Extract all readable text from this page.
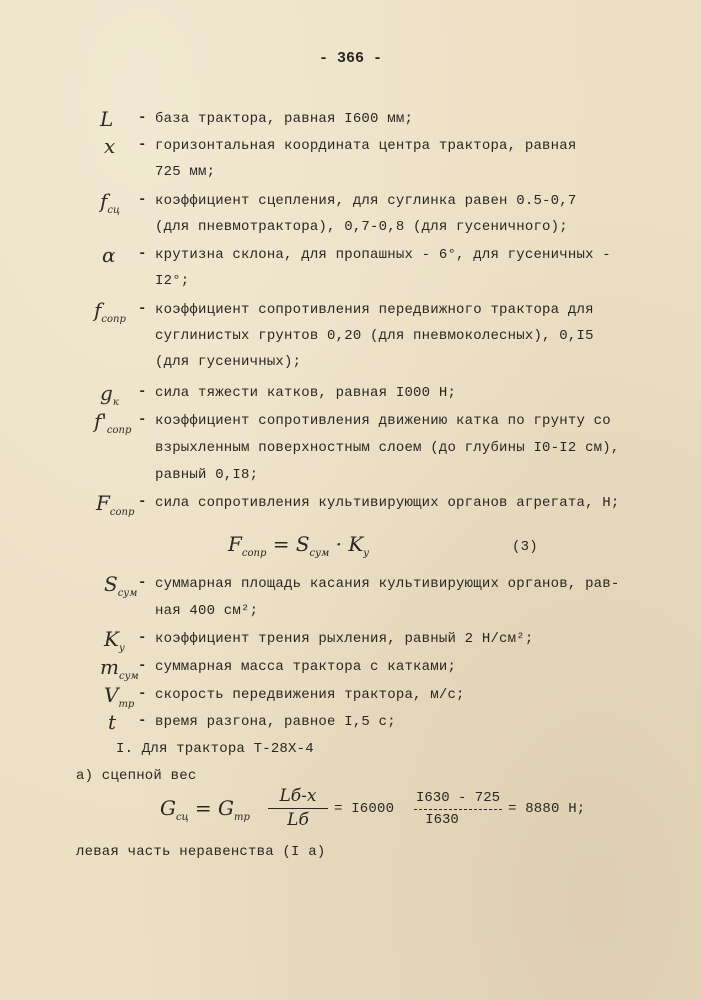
- 366 -
L - база трактора, равная I600 мм;
x - горизонтальная координата центра трактора, равная
725 мм;
$f_{сц}$
- коэффициент сцепления, для суглинка равен 0.5-0,7
(для пневмотрактора), 0,7-0,8 (для гусеничного);
α - крутизна склона, для пропашных - 6°, для гусеничных -
I2°;
$f_{сопр}$
- коэффициент сопротивления передвижного трактора для
суглинистых грунтов 0,20 (для пневмоколесных), 0,I5
(для гусеничных);
$g_к$
- сила тяжести катков, равная I000 Н;
$f'_{сопр}$
- коэффициент сопротивления движению катка по грунту со
взрыхленным поверхностным слоем (до глубины I0-I2 см),
равный 0,I8;
$F_{сопр}$
- сила сопротивления культивирующих органов агрегата, Н;
$F_{сопр} = S_{сум} \cdot K_y$	(3)
$S_{сум}$
- суммарная площадь касания культивирующих органов, рав-
ная 400 см²;
$K_y$
- коэффициент трения рыхления, равный 2 Н/см²;
$m_{сум}$
- суммарная масса трактора с катками;
$V_{тр}$
- скорость передвижения трактора, м/с;
t - время разгона, равное I,5 с;
I. Для трактора Т-28Х-4
а) сцепной вес
$G_{сц} = G_{тр}$
Lб-x
Lб
= I6000
I630 - 725
I630
= 8880 Н;
левая часть неравенства (I а)
